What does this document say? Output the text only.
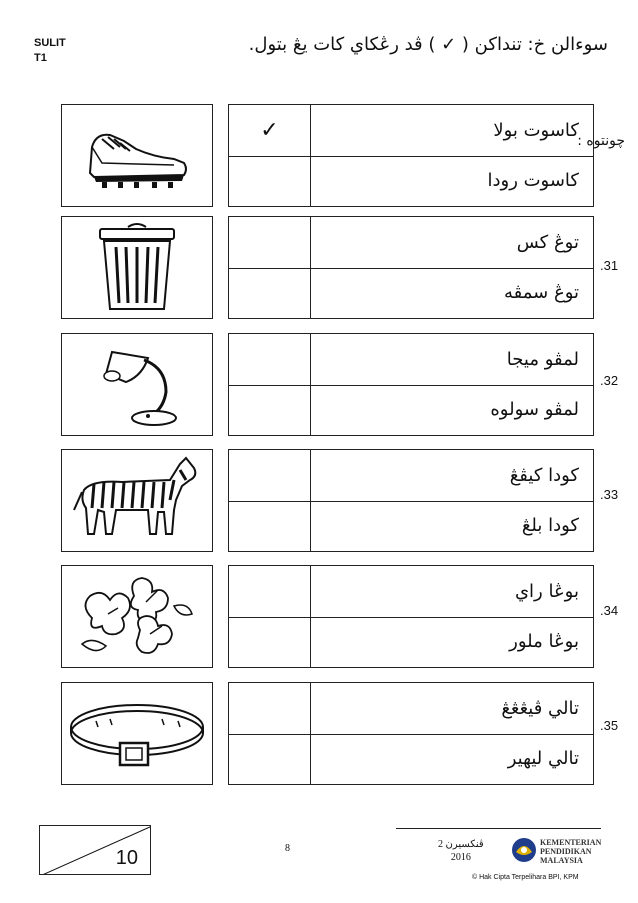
SULIT
T1
سوءالن خ: تنداكن ( ✓ ) ڤد رڠكاي كات يڠ بتول.
چونتوه :
✓	كاسوت بولا
كاسوت رودا
.31
توڠ كس
توڠ سمڤه
.32
لمڤو ميجا
لمڤو سولوه
.33
كودا كيڤڠ
كودا بلڠ
.34
بوڠا راي
بوڠا ملور
.35
تالي ڤيڠڠڠ
تالي ليهير
10	8	ڤنكسيرن 2
2016
KEMENTERIAN
PENDIDIKAN
MALAYSIA
© Hak Cipta Terpelihara BPI, KPM
